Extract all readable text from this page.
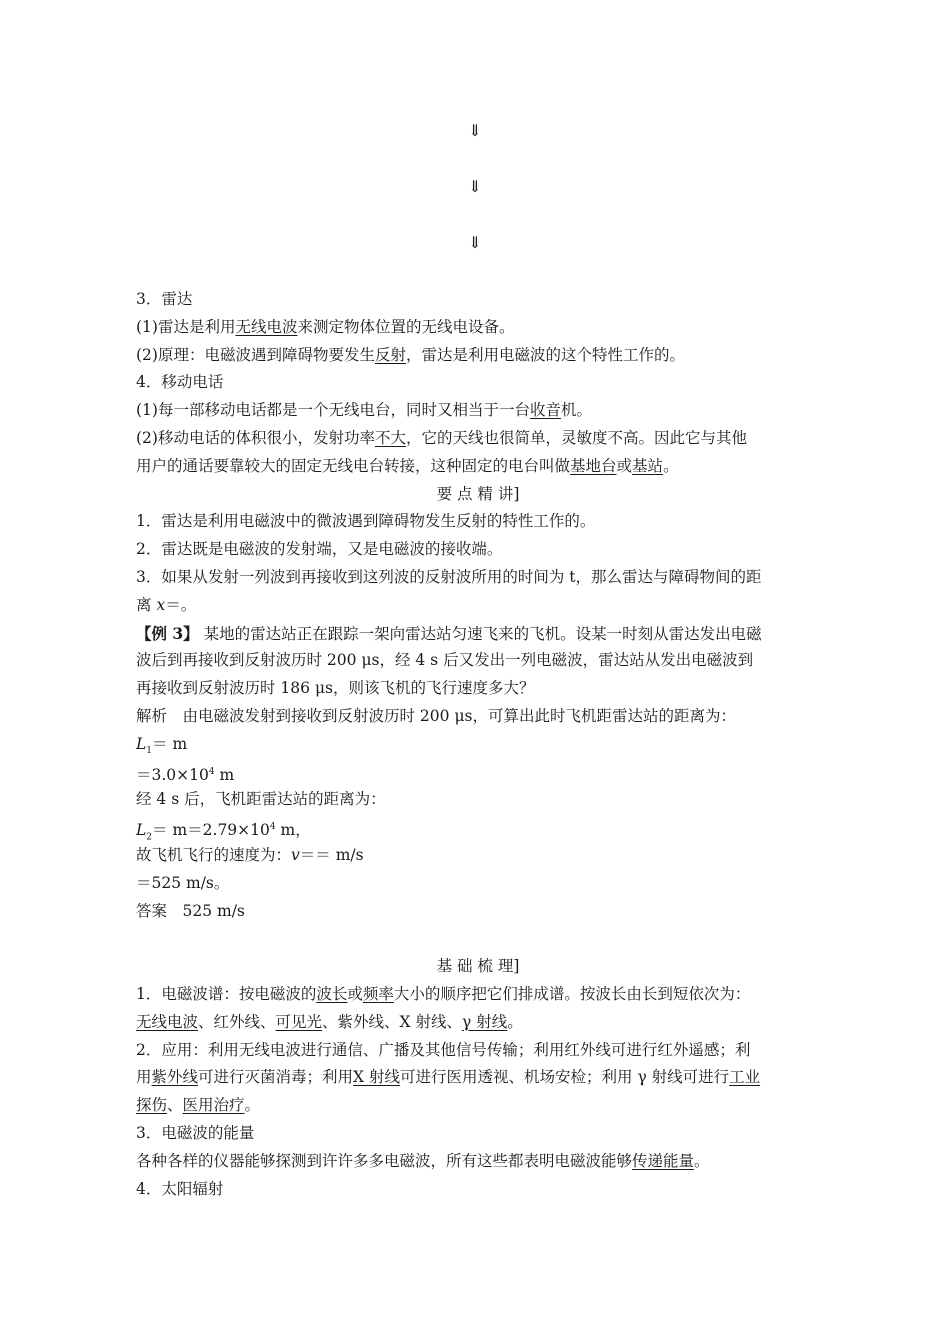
⇓
⇓
⇓
3．雷达
(1)雷达是利用无线电波来测定物体位置的无线电设备。
(2)原理：电磁波遇到障碍物要发生反射，雷达是利用电磁波的这个特性工作的。
4．移动电话
(1)每一部移动电话都是一个无线电台，同时又相当于一台收音机。
(2)移动电话的体积很小，发射功率不大，它的天线也很简单，灵敏度不高。因此它与其他
用户的通话要靠较大的固定无线电台转接，这种固定的电台叫做基地台或基站。
要 点 精 讲]
1．雷达是利用电磁波中的微波遇到障碍物发生反射的特性工作的。
2．雷达既是电磁波的发射端，又是电磁波的接收端。
3．如果从发射一列波到再接收到这列波的反射波所用的时间为 t，那么雷达与障碍物间的距
离 x＝。
【例 3】 某地的雷达站正在跟踪一架向雷达站匀速飞来的飞机。设某一时刻从雷达发出电磁
波后到再接收到反射波历时 200 μs，经 4 s 后又发出一列电磁波，雷达站从发出电磁波到
再接收到反射波历时 186 μs，则该飞机的飞行速度多大？
解析　由电磁波发射到接收到反射波历时 200 μs，可算出此时飞机距雷达站的距离为：
$L_1= m$
$=3.0\times 10^4$ m
经 4 s 后，飞机距雷达站的距离为：
$L_2= m=2.79\times 10^4$ m，
故飞机飞行的速度为：v＝＝ m/s
＝525 m/s。
答案　525 m/s
基 础 梳 理]
1．电磁波谱：按电磁波的波长或频率大小的顺序把它们排成谱。按波长由长到短依次为：
无线电波、红外线、可见光、紫外线、X 射线、γ 射线。
2．应用：利用无线电波进行通信、广播及其他信号传输；利用红外线可进行红外遥感；利
用紫外线可进行灭菌消毒；利用X 射线可进行医用透视、机场安检；利用 γ 射线可进行工业
探伤、医用治疗。
3．电磁波的能量
各种各样的仪器能够探测到许许多多电磁波，所有这些都表明电磁波能够传递能量。
4．太阳辐射
